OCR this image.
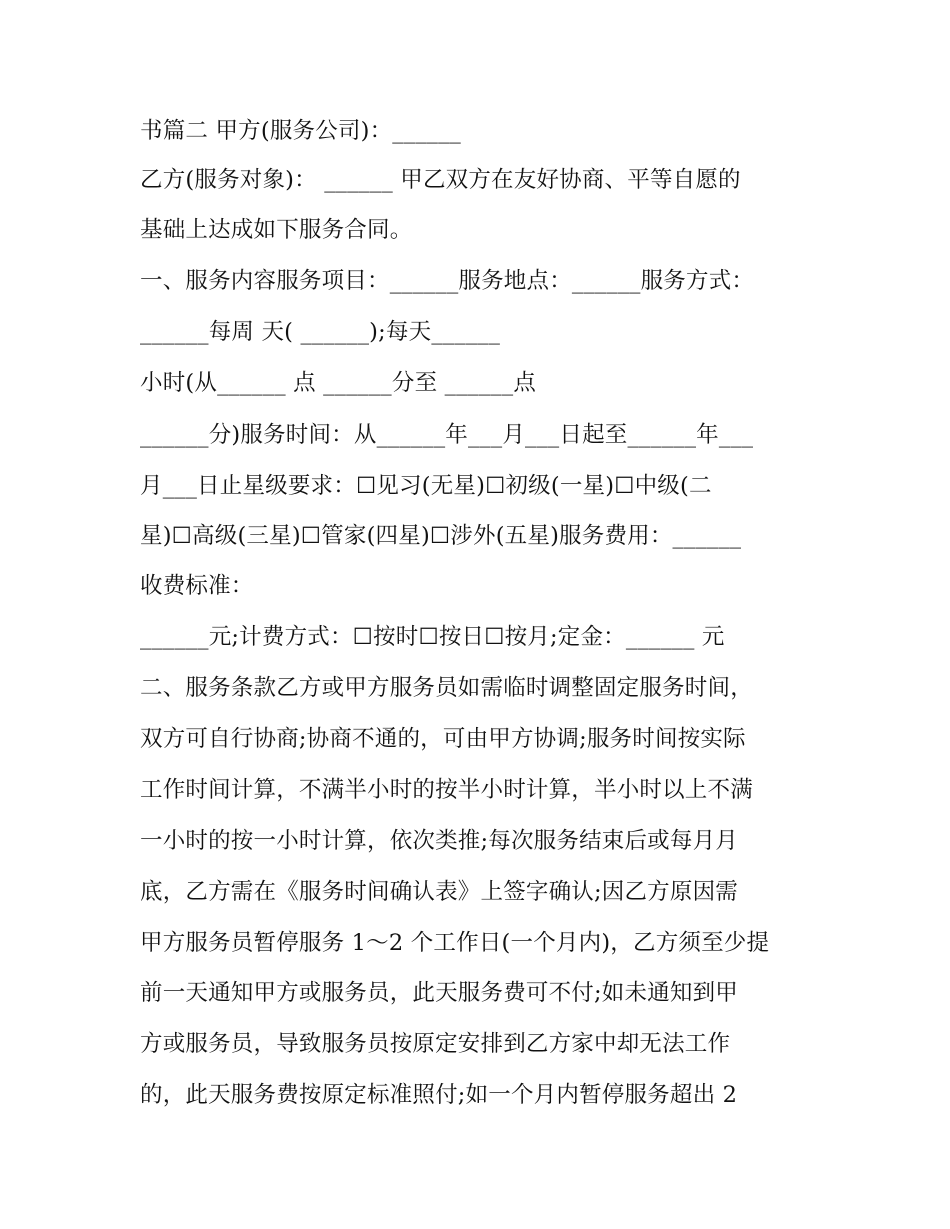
书篇二 甲方(服务公司)：______
乙方(服务对象)： ______ 甲乙双方在友好协商、平等自愿的
基础上达成如下服务合同。
一、服务内容服务项目：______服务地点：______服务方式：
______每周 天( ______);每天______
小时(从______ 点 ______分至 ______点
______分)服务时间：从______年___月___日起至______年___
月___日止星级要求：☐见习(无星)☐初级(一星)☐中级(二
星)☐高级(三星)☐管家(四星)☐涉外(五星)服务费用：______
收费标准：
______元;计费方式：☐按时☐按日☐按月;定金：______ 元
二、服务条款乙方或甲方服务员如需临时调整固定服务时间，
双方可自行协商;协商不通的，可由甲方协调;服务时间按实际
工作时间计算，不满半小时的按半小时计算，半小时以上不满
一小时的按一小时计算，依次类推;每次服务结束后或每月月
底，乙方需在《服务时间确认表》上签字确认;因乙方原因需
甲方服务员暂停服务 1～2 个工作日(一个月内)，乙方须至少提
前一天通知甲方或服务员，此天服务费可不付;如未通知到甲
方或服务员，导致服务员按原定安排到乙方家中却无法工作
的，此天服务费按原定标准照付;如一个月内暂停服务超出 2
